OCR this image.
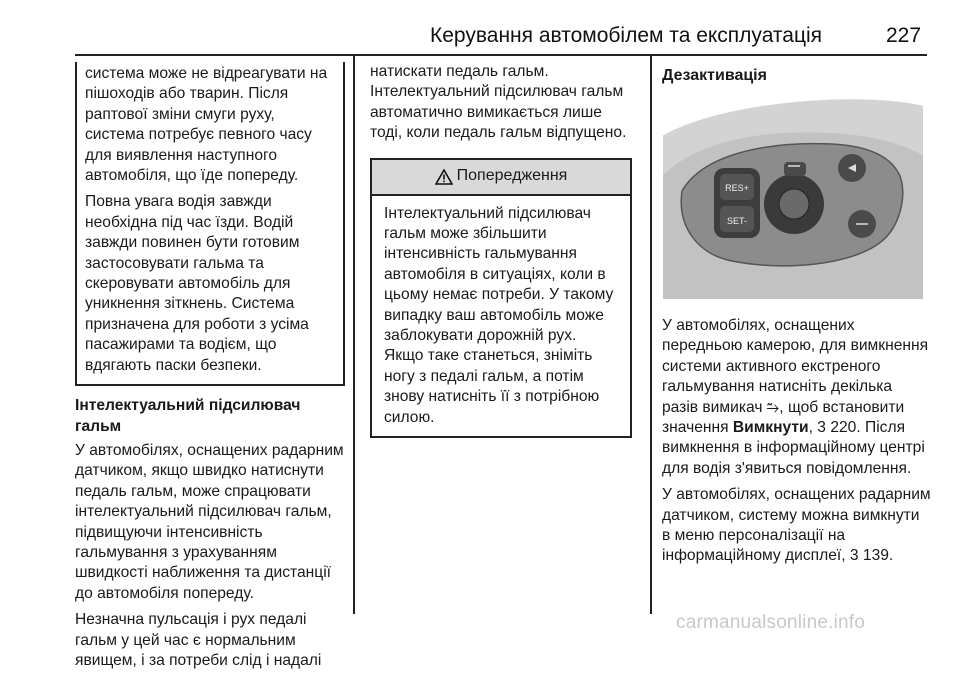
Керування автомобілем та експлуатація	227

система може не відреагувати на пішоходів або тварин. Після раптової зміни смуги руху, система потребує певного часу для виявлення наступного автомобіля, що їде попереду.

Повна увага водія завжди необхідна під час їзди. Водій завжди повинен бути готовим застосовувати гальма та скеровувати автомобіль для уникнення зіткнень. Система призначена для роботи з усіма пасажирами та водієм, що вдягають паски безпеки.

Інтелектуальний підсилювач гальм

У автомобілях, оснащених радарним датчиком, якщо швидко натиснути педаль гальм, може спрацювати інтелектуальний підсилювач гальм, підвищуючи інтенсивність гальмування з урахуванням швидкості наближення та дистанції до автомобіля попереду.

Незначна пульсація і рух педалі гальм у цей час є нормальним явищем, і за потреби слід і надалі

натискати педаль гальм.

Інтелектуальний підсилювач гальм автоматично вимикається лише тоді, коли педаль гальм відпущено.

Попередження
Інтелектуальний підсилювач гальм може збільшити інтенсивність гальмування автомобіля в ситуаціях, коли в цьому немає потреби. У такому випадку ваш автомобіль може заблокувати дорожній рух. Якщо таке станеться, зніміть ногу з педалі гальм, а потім знову натисніть її з потрібною силою.
Дезактивація
RES+
SET-

У автомобілях, оснащених передньою камерою, для вимкнення системи активного екстреного гальмування натисніть декілька разів вимикач ⥲, щоб встановити значення Вимкнути, 3 220. Після вимкнення в інформаційному центрі для водія з'явиться повідомлення.

У автомобілях, оснащених радарним датчиком, систему можна вимкнути в меню персоналізації на інформаційному дисплеї, 3 139.

carmanualsonline.info
